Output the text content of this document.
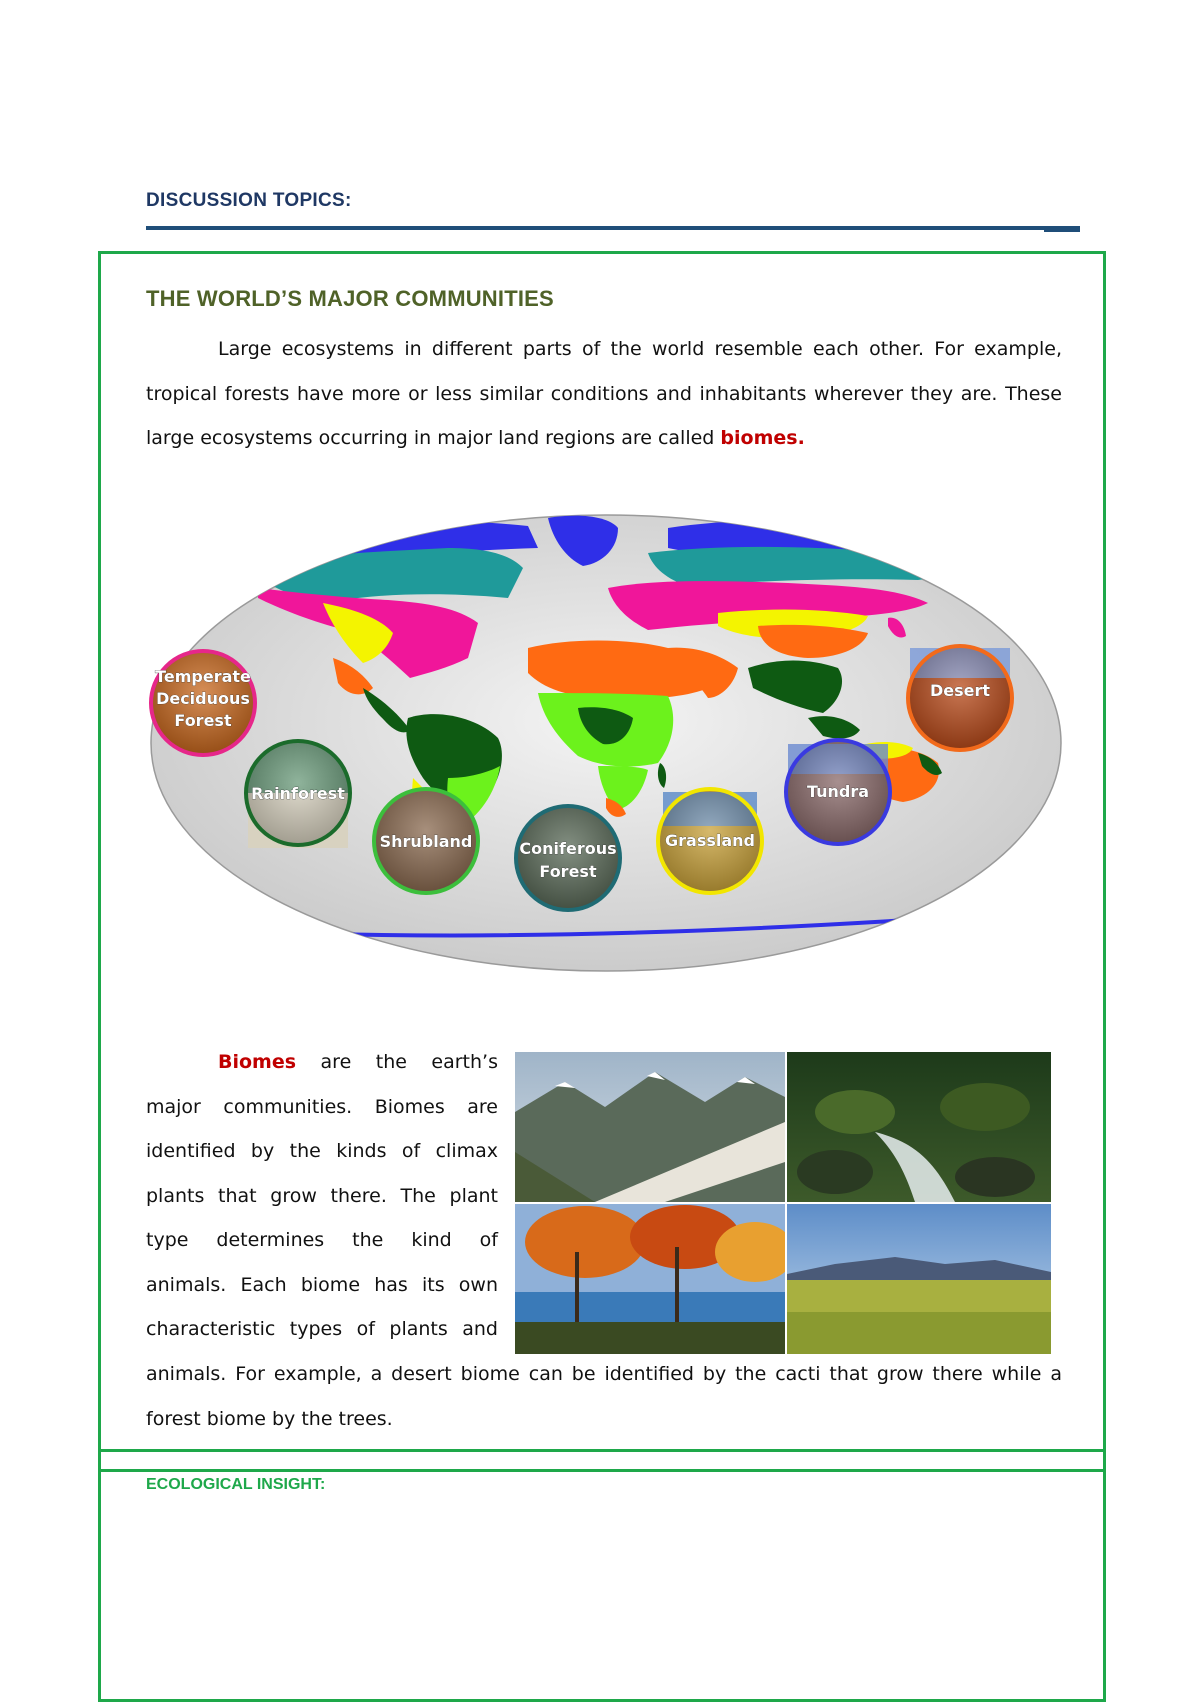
DISCUSSION TOPICS:
THE WORLD’S MAJOR COMMUNITIES
Large ecosystems in different parts of the world resemble each other. For example,
tropical forests have more or less similar conditions and inhabitants wherever they are. These
large ecosystems occurring in major land regions are called biomes.
Temperate
Deciduous
Forest
Rainforest
Shrubland	Coniferous
Forest
Grassland
Tundra
Desert
Biomes are the earth’s
major communities. Biomes are
identified by the kinds of climax
plants that grow there. The plant
type determines the kind of
animals. Each biome has its own
characteristic types of plants and
animals. For example, a desert biome can be identified by the cacti that grow there while a
forest biome by the trees.
ECOLOGICAL INSIGHT:
